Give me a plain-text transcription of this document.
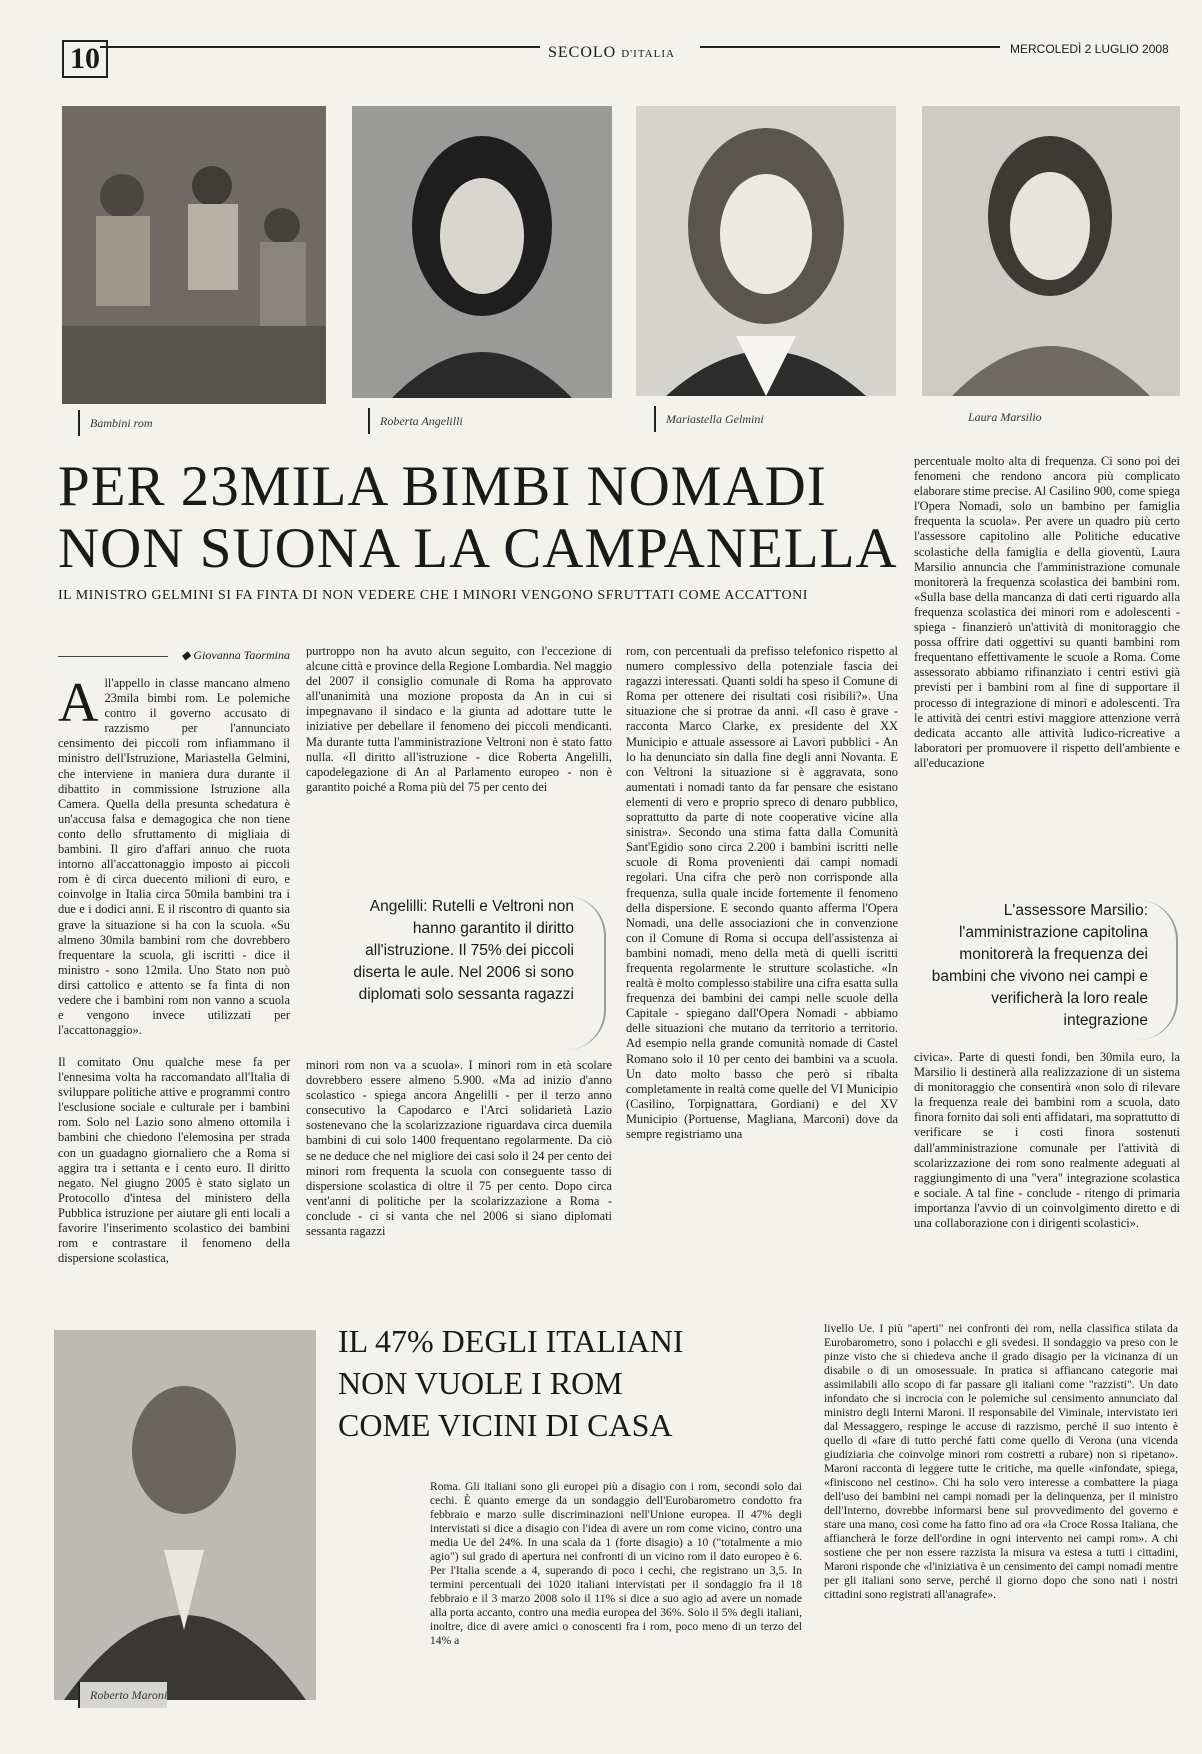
10	SECOLO D'ITALIA	MERCOLEDÌ 2 LUGLIO 2008
Bambini rom	Roberta Angelilli	Mariastella Gelmini	Laura Marsilio
PER 23MILA BIMBI NOMADI
NON SUONA LA CAMPANELLA
IL MINISTRO GELMINI SI FA FINTA DI NON VEDERE CHE I MINORI VENGONO SFRUTTATI COME ACCATTONI
◆ Giovanna Taormina
A ll'appello in classe mancano almeno 23mila bimbi rom. Le polemiche contro il governo accusato di razzismo per l'annunciato censimento dei piccoli rom infiammano il ministro dell'Istruzione, Mariastella Gelmini, che interviene in maniera dura durante il dibattito in commissione Istruzione alla Camera. Quella della presunta schedatura è un'accusa falsa e demagogica che non tiene conto dello sfruttamento di migliaia di bambini. Il giro d'affari annuo che ruota intorno all'accattonaggio imposto ai piccoli rom è di circa duecento milioni di euro, e coinvolge in Italia circa 50mila bambini tra i due e i dodici anni. E il riscontro di quanto sia grave la situazione si ha con la scuola. «Su almeno 30mila bambini rom che dovrebbero frequentare la scuola, gli iscritti - dice il ministro - sono 12mila. Uno Stato non può dirsi cattolico e attento se fa finta di non vedere che i bambini rom non vanno a scuola e vengono invece utilizzati per l'accattonaggio».

Il comitato Onu qualche mese fa per l'ennesima volta ha raccomandato all'Italia di sviluppare politiche attive e programmi contro l'esclusione sociale e culturale per i bambini rom. Solo nel Lazio sono almeno ottomila i bambini che chiedono l'elemosina per strada con un guadagno giornaliero che a Roma si aggira tra i settanta e i cento euro. Il diritto negato. Nel giugno 2005 è stato siglato un Protocollo d'intesa del ministero della Pubblica istruzione per aiutare gli enti locali a favorire l'inserimento scolastico dei bambini rom e contrastare il fenomeno della dispersione scolastica,

purtroppo non ha avuto alcun seguito, con l'eccezione di alcune città e province della Regione Lombardia. Nel maggio del 2007 il consiglio comunale di Roma ha approvato all'unanimità una mozione proposta da An in cui si impegnavano il sindaco e la giunta ad adottare tutte le iniziative per debellare il fenomeno dei piccoli mendicanti. Ma durante tutta l'amministrazione Veltroni non è stato fatto nulla. «Il diritto all'istruzione - dice Roberta Angelilli, capodelegazione di An al Parlamento europeo - non è garantito poiché a Roma più del 75 per cento dei

Angelilli: Rutelli e Veltroni non hanno garantito il diritto all'istruzione. Il 75% dei piccoli diserta le aule. Nel 2006 si sono diplomati solo sessanta ragazzi

minori rom non va a scuola». I minori rom in età scolare dovrebbero essere almeno 5.900. «Ma ad inizio d'anno scolastico - spiega ancora Angelilli - per il terzo anno consecutivo la Capodarco e l'Arci solidarietà Lazio sostenevano che la scolarizzazione riguardava circa duemila bambini di cui solo 1400 frequentano regolarmente. Da ciò se ne deduce che nel migliore dei casi solo il 24 per cento dei minori rom frequenta la scuola con conseguente tasso di dispersione scolastica di oltre il 75 per cento. Dopo circa vent'anni di politiche per la scolarizzazione a Roma - conclude - ci si vanta che nel 2006 si siano diplomati sessanta ragazzi

rom, con percentuali da prefisso telefonico rispetto al numero complessivo della potenziale fascia dei ragazzi interessati. Quanti soldi ha speso il Comune di Roma per ottenere dei risultati così risibili?». Una situazione che si protrae da anni. «Il caso è grave - racconta Marco Clarke, ex presidente del XX Municipio e attuale assessore ai Lavori pubblici - An lo ha denunciato sin dalla fine degli anni Novanta. E con Veltroni la situazione si è aggravata, sono aumentati i nomadi tanto da far pensare che esistano elementi di vero e proprio spreco di denaro pubblico, soprattutto da parte di note cooperative vicine alla sinistra». Secondo una stima fatta dalla Comunità Sant'Egidio sono circa 2.200 i bambini iscritti nelle scuole di Roma provenienti dai campi nomadi regolari. Una cifra che però non corrisponde alla frequenza, sulla quale incide fortemente il fenomeno della dispersione. E secondo quanto afferma l'Opera Nomadi, una delle associazioni che in convenzione con il Comune di Roma si occupa dell'assistenza ai bambini nomadi, meno della metà di quelli iscritti frequenta regolarmente le strutture scolastiche. «In realtà è molto complesso stabilire una cifra esatta sulla frequenza dei bambini dei campi nelle scuole della Capitale - spiegano dall'Opera Nomadi - abbiamo delle situazioni che mutano da territorio a territorio. Ad esempio nella grande comunità nomade di Castel Romano solo il 10 per cento dei bambini va a scuola. Un dato molto basso che però si ribalta completamente in realtà come quelle del VI Municipio (Casilino, Torpignattara, Gordiani) e del XV Municipio (Portuense, Magliana, Marconi) dove da sempre registriamo una

percentuale molto alta di frequenza. Ci sono poi dei fenomeni che rendono ancora più complicato elaborare stime precise. Al Casilino 900, come spiega l'Opera Nomadi, solo un bambino per famiglia frequenta la scuola». Per avere un quadro più certo l'assessore capitolino alle Politiche educative scolastiche della famiglia e della gioventù, Laura Marsilio annuncia che l'amministrazione comunale monitorerà la frequenza scolastica dei bambini rom. «Sulla base della mancanza di dati certi riguardo alla frequenza scolastica dei minori rom e adolescenti - spiega - finanzierò un'attività di monitoraggio che possa offrire dati oggettivi su quanti bambini rom frequentano effettivamente le scuole a Roma. Come assessorato abbiamo rifinanziato i centri estivi già previsti per i bambini rom al fine di supportare il processo di integrazione di minori e adolescenti. Tra le attività dei centri estivi maggiore attenzione verrà dedicata accanto alle attività ludico-ricreative a laboratori per promuovere il rispetto dell'ambiente e all'educazione

L'assessore Marsilio: l'amministrazione capitolina monitorerà la frequenza dei bambini che vivono nei campi e verificherà la loro reale integrazione

civica». Parte di questi fondi, ben 30mila euro, la Marsilio li destinerà alla realizzazione di un sistema di monitoraggio che consentirà «non solo di rilevare la frequenza reale dei bambini rom a scuola, dato finora fornito dai soli enti affidatari, ma soprattutto di verificare se i costi finora sostenuti dall'amministrazione comunale per l'attività di scolarizzazione dei rom sono realmente adeguati al raggiungimento di una "vera" integrazione scolastica e sociale. A tal fine - conclude - ritengo di primaria importanza l'avvio di un coinvolgimento diretto e di una collaborazione con i dirigenti scolastici».

Roberto Maroni
IL 47% DEGLI ITALIANI
NON VUOLE I ROM
COME VICINI DI CASA

Roma. Gli italiani sono gli europei più a disagio con i rom, secondi solo dai cechi. È quanto emerge da un sondaggio dell'Eurobarometro condotto fra febbraio e marzo sulle discriminazioni nell'Unione europea. Il 47% degli intervistati si dice a disagio con l'idea di avere un rom come vicino, contro una media Ue del 24%. In una scala da 1 (forte disagio) a 10 ("totalmente a mio agio") sul grado di apertura nei confronti di un vicino rom il dato europeo è 6. Per l'Italia scende a 4, superando di poco i cechi, che registrano un 3,5. In termini percentuali dei 1020 italiani intervistati per il sondaggio fra il 18 febbraio e il 3 marzo 2008 solo il 11% si dice a suo agio ad avere un nomade alla porta accanto, contro una media europea del 36%. Solo il 5% degli italiani, inoltre, dice di avere amici o conoscenti fra i rom, poco meno di un terzo del 14% a

livello Ue. I più "aperti" nei confronti dei rom, nella classifica stilata da Eurobarometro, sono i polacchi e gli svedesi. Il sondaggio va preso con le pinze visto che si chiedeva anche il grado disagio per la vicinanza di un disabile o di un omosessuale. In pratica si affiancano categorie mai assimilabili allo scopo di far passare gli italiani come "razzisti". Un dato infondato che si incrocia con le polemiche sul censimento annunciato dal ministro degli Interni Maroni. Il responsabile del Viminale, intervistato ieri dal Messaggero, respinge le accuse di razzismo, perché il suo intento è quello di «fare di tutto perché fatti come quello di Verona (una vicenda giudiziaria che coinvolge minori rom costretti a rubare) non si ripetano». Maroni racconta di leggere tutte le critiche, ma quelle «infondate, spiega, «finiscono nel cestino». Chi ha solo vero interesse a combattere la piaga dell'uso dei bambini nei campi nomadi per la delinquenza, per il ministro dell'Interno, dovrebbe informarsi bene sul provvedimento del governo e stare una mano, così come ha fatto fino ad ora «la Croce Rossa Italiana, che affiancherà le forze dell'ordine in ogni intervento nei campi rom». A chi sostiene che per non essere razzista la misura va estesa a tutti i cittadini, Maroni risponde che «l'iniziativa è un censimento dei campi nomadi mentre per gli italiani sono serve, perché il giorno dopo che sono nati i nostri cittadini sono registrati all'anagrafe».
